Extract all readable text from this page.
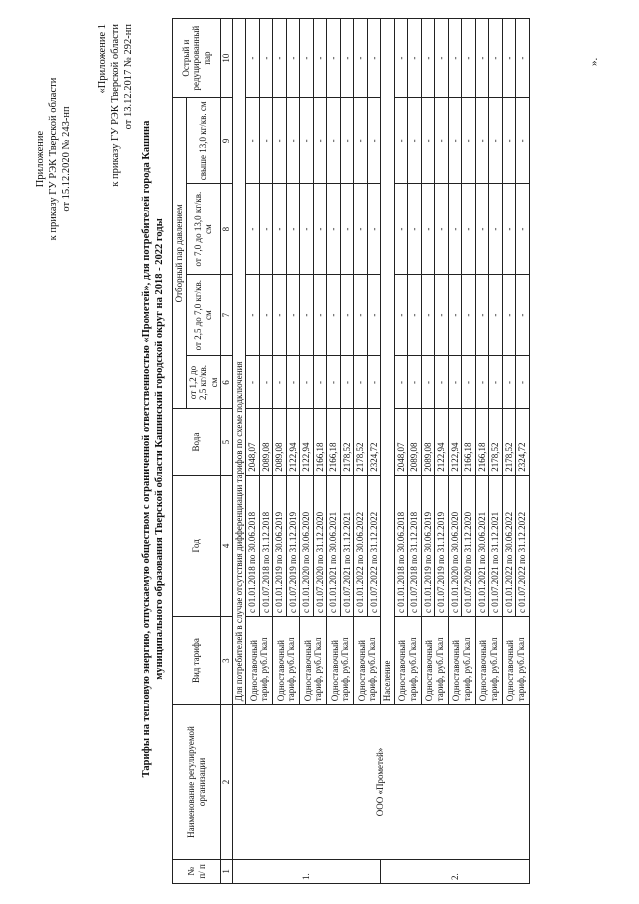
Приложение к приказу ГУ РЭК Тверской области от 15.12.2020 № 243-нп
«Приложение 1 к приказу ГУ РЭК Тверской области от 13.12.2017 № 292-нп
Тарифы на тепловую энергию, отпускаемую обществом с ограниченной ответственностью «Прометей», для потребителей города Кашина муниципального образования Тверской области Кашинский городской округ на 2018 - 2022 годы
№ п/ п	Наименование регулируемой организации	Вид тарифа	Год	Вода	Отборный пар давлением				Острый и редуцированный пар
					от 1,2 до 2,5 кг/кв. см	от 2,5 до 7,0 кг/кв. см	от 7,0 до 13,0 кг/кв. см	свыше 13,0 кг/кв. см	
1	2	3	4	5	6	7	8	9	10
1.	ООО «Прометей»	Для потребителей в случае отсутствия дифференциации тарифов по схеме подключения							
		Одноставочный тариф, руб./Гкал	с 01.01.2018 по 30.06.2018	2048,07	-	-	-	-	-
			с 01.07.2018 по 31.12.2018	2089,08	-	-	-	-	-
		Одноставочный тариф, руб./Гкал	с 01.01.2019 по 30.06.2019	2089,08	-	-	-	-	-
			с 01.07.2019 по 31.12.2019	2122,94	-	-	-	-	-
		Одноставочный тариф, руб./Гкал	с 01.01.2020 по 30.06.2020	2122,94	-	-	-	-	-
			с 01.07.2020 по 31.12.2020	2166,18	-	-	-	-	-
		Одноставочный тариф, руб./Гкал	с 01.01.2021 по 30.06.2021	2166,18	-	-	-	-	-
			с 01.07.2021 по 31.12.2021	2178,52	-	-	-	-	-
		Одноставочный тариф, руб./Гкал	с 01.01.2022 по 30.06.2022	2178,52	-	-	-	-	-
			с 01.07.2022 по 31.12.2022	2324,72	-	-	-	-	-
2.		Население							
		Одноставочный тариф, руб./Гкал	с 01.01.2018 по 30.06.2018	2048,07	-	-	-	-	-
			с 01.07.2018 по 31.12.2018	2089,08	-	-	-	-	-
		Одноставочный тариф, руб./Гкал	с 01.01.2019 по 30.06.2019	2089,08	-	-	-	-	-
			с 01.07.2019 по 31.12.2019	2122,94	-	-	-	-	-
		Одноставочный тариф, руб./Гкал	с 01.01.2020 по 30.06.2020	2122,94	-	-	-	-	-
			с 01.07.2020 по 31.12.2020	2166,18	-	-	-	-	-
		Одноставочный тариф, руб./Гкал	с 01.01.2021 по 30.06.2021	2166,18	-	-	-	-	-
			с 01.07.2021 по 31.12.2021	2178,52	-	-	-	-	-
		Одноставочный тариф, руб./Гкал	с 01.01.2022 по 30.06.2022	2178,52	-	-	-	-	-
			с 01.07.2022 по 31.12.2022	2324,72	-	-	-	-	-	».
